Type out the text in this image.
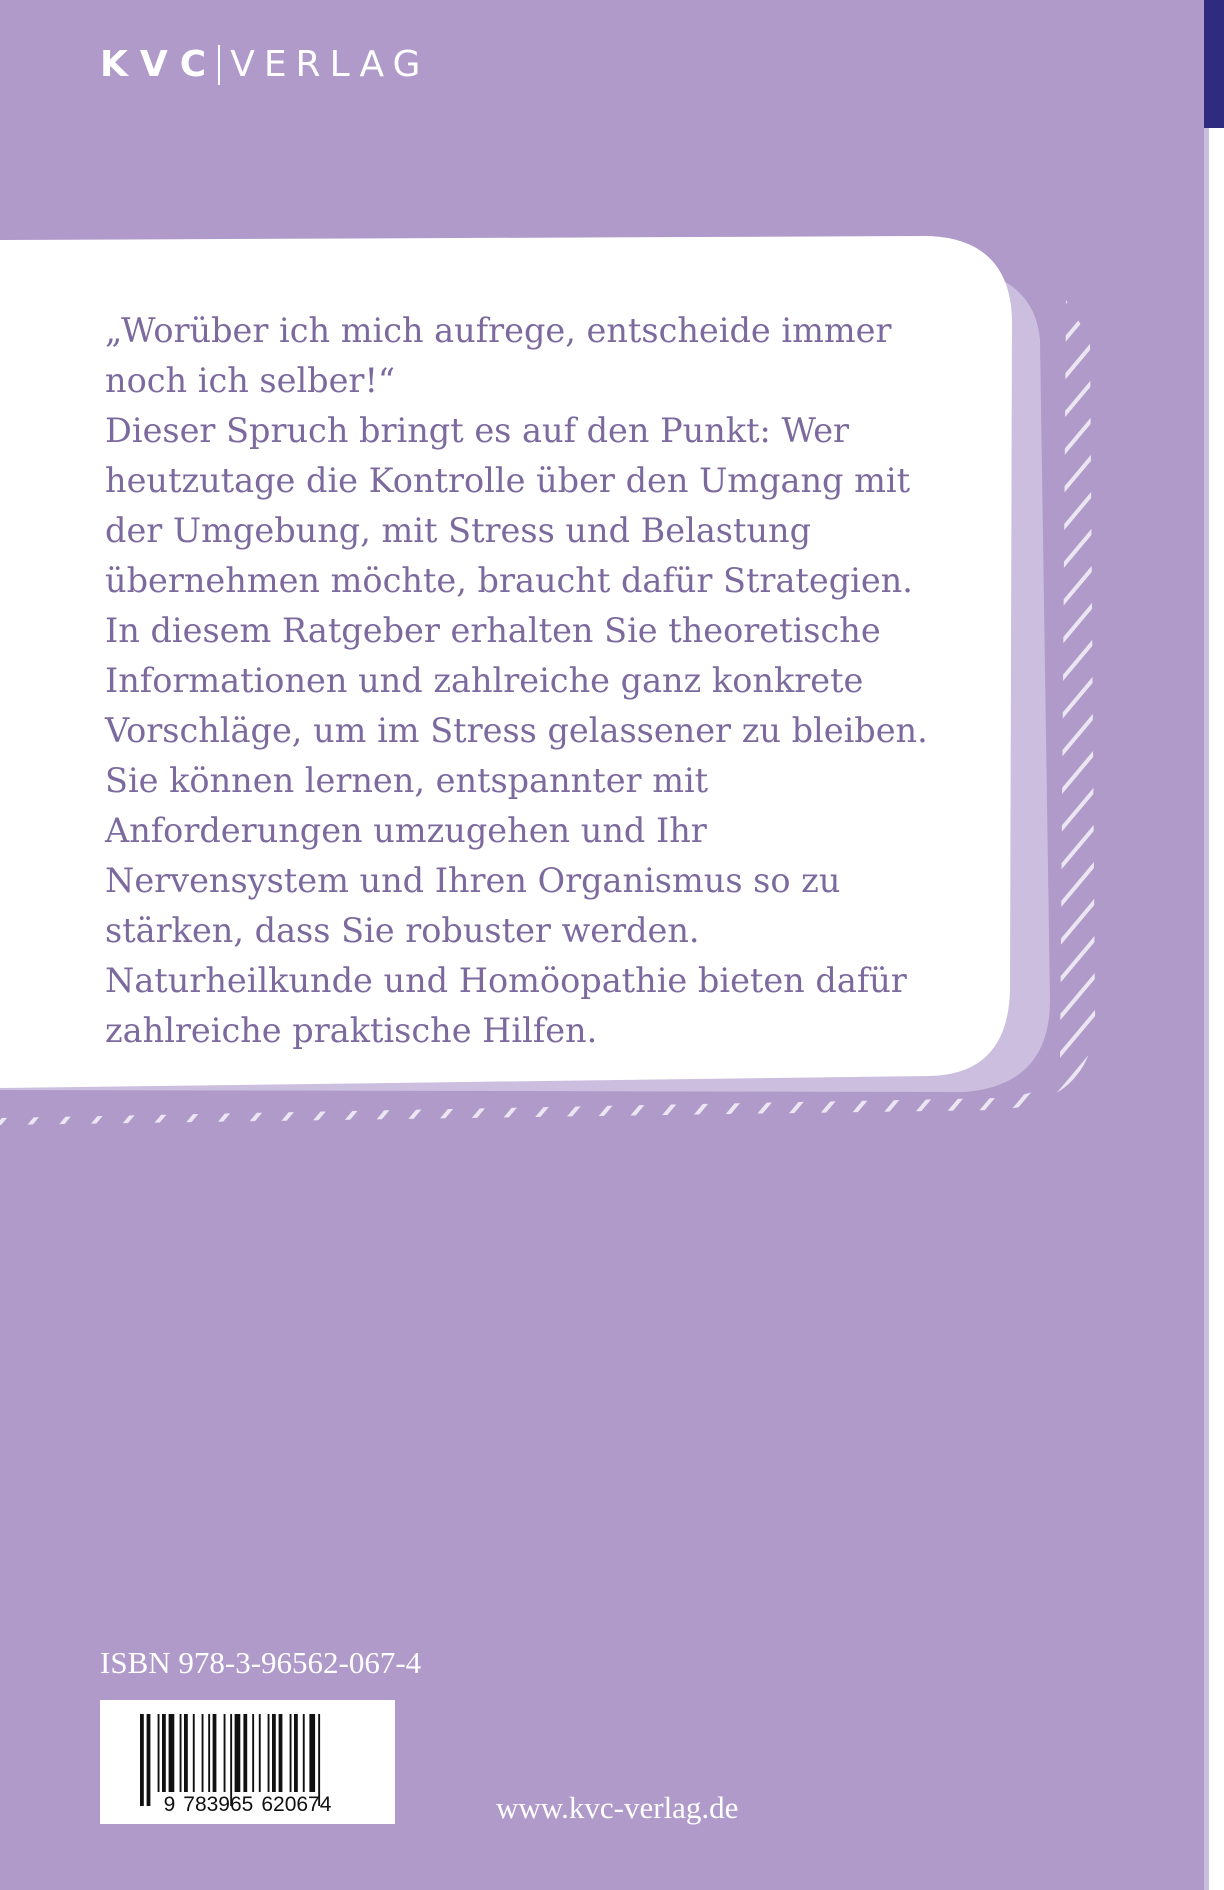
KVC VERLAG

„Worüber ich mich aufrege, entscheide immer noch ich selber!“

Dieser Spruch bringt es auf den Punkt: Wer heutzutage die Kontrolle über den Umgang mit der Umgebung, mit Stress und Belastung übernehmen möchte, braucht dafür Strategien.

In diesem Ratgeber erhalten Sie theoretische Informationen und zahlreiche ganz konkrete Vorschläge, um im Stress gelassener zu bleiben. Sie können lernen, entspannter mit Anforderungen umzugehen und Ihr Nervensystem und Ihren Organismus so zu stärken, dass Sie robuster werden. Naturheilkunde und Homöopathie bieten dafür zahlreiche praktische Hilfen.

ISBN 978-3-96562-067-4
9 783965 620674	www.kvc-verlag.de
